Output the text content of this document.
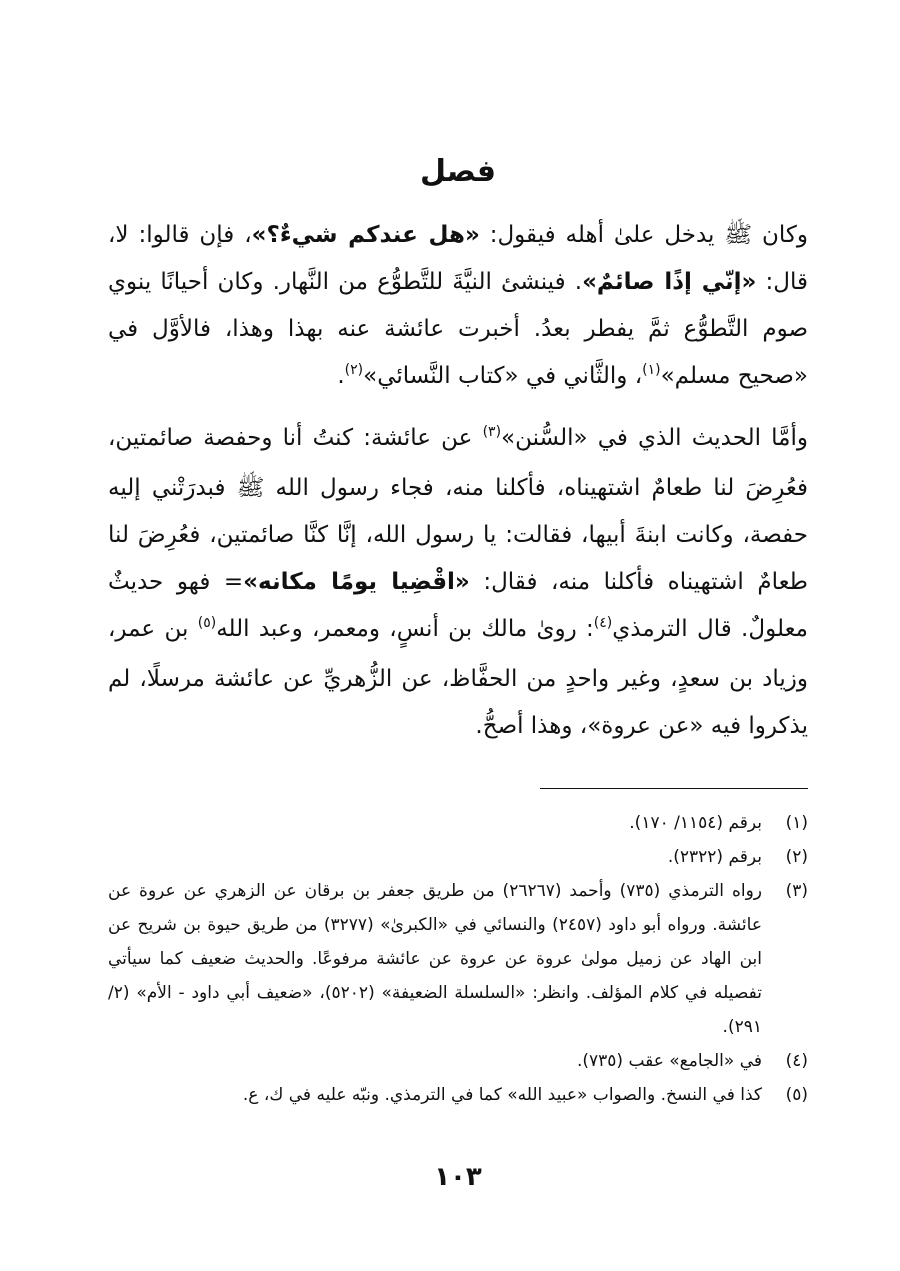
فصل

وكان ﷺ يدخل علىٰ أهله فيقول: «هل عندكم شيءٌ؟»، فإن قالوا: لا، قال: «إنّي إذًا صائمٌ». فينشئ النيَّةَ للتَّطوُّع من النَّهار. وكان أحيانًا ينوي صوم التَّطوُّع ثمَّ يفطر بعدُ. أخبرت عائشة عنه بهذا وهذا، فالأوَّل في «صحيح مسلم»$^{(١)}$، والثَّاني في «كتاب النَّسائي»$^{(٢)}$.

وأمَّا الحديث الذي في «السُّنن»$^{(٣)}$ عن عائشة: كنتُ أنا وحفصة صائمتين، فعُرِضَ لنا طعامٌ اشتهيناه، فأكلنا منه، فجاء رسول الله ﷺ فبدرَتْني إليه حفصة، وكانت ابنةَ أبيها، فقالت: يا رسول الله، إنَّا كنَّا صائمتين، فعُرِضَ لنا طعامٌ اشتهيناه فأكلنا منه، فقال: «اقْضِيا يومًا مكانه»= فهو حديثٌ معلولٌ. قال الترمذي$^{(٤)}$: روىٰ مالك بن أنسٍ، ومعمر، وعبد الله$^{(٥)}$ بن عمر، وزياد بن سعدٍ، وغير واحدٍ من الحفَّاظ، عن الزُّهريِّ عن عائشة مرسلًا، لم يذكروا فيه «عن عروة»، وهذا أصحُّ.

(١)
برقم (١١٥٤/ ١٧٠).
(٢)
برقم (٢٣٢٢).
(٣)
رواه الترمذي (٧٣٥) وأحمد (٢٦٢٦٧) من طريق جعفر بن برقان عن الزهري عن عروة عن عائشة. ورواه أبو داود (٢٤٥٧) والنسائي في «الكبرىٰ» (٣٢٧٧) من طريق حيوة بن شريح عن ابن الهاد عن زميل مولىٰ عروة عن عروة عن عائشة مرفوعًا. والحديث ضعيف كما سيأتي تفصيله في كلام المؤلف. وانظر: «السلسلة الضعيفة» (٥٢٠٢)، «ضعيف أبي داود - الأم» (٢/ ٢٩١).
(٤)
في «الجامع» عقب (٧٣٥).
(٥)
كذا في النسخ. والصواب «عبيد الله» كما في الترمذي. ونبّه عليه في ك، ع.
١٠٣
